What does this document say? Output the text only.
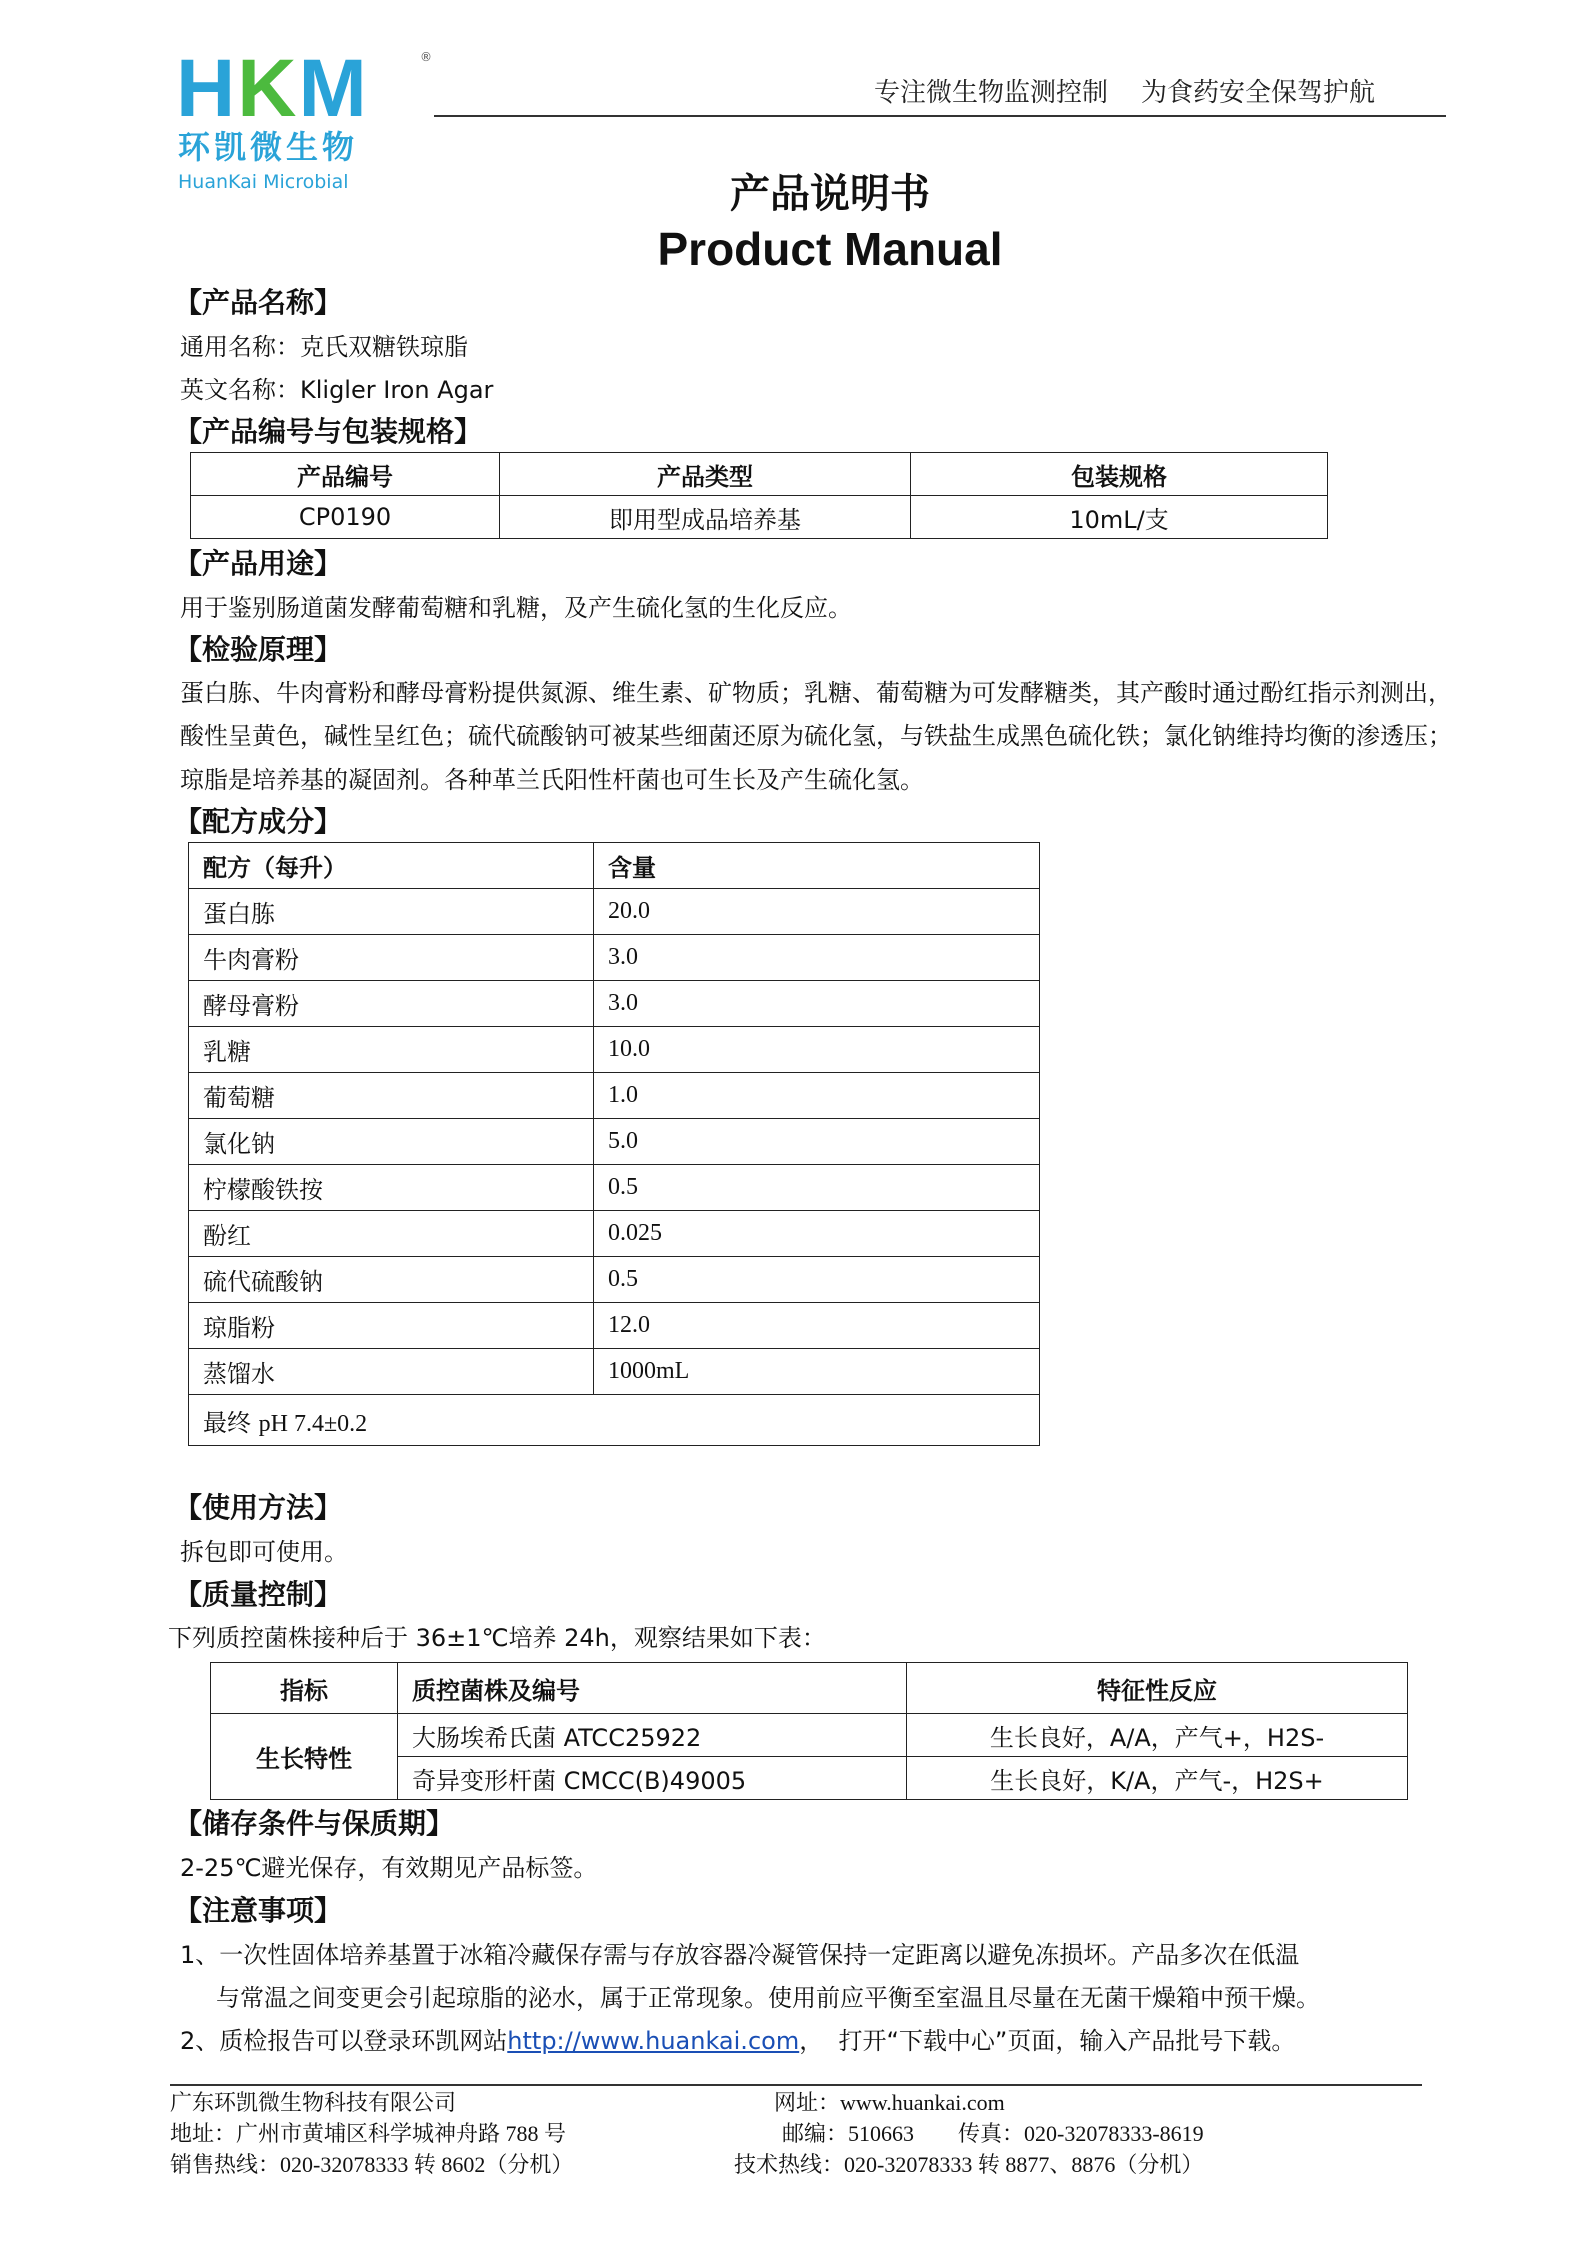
HKM	®
环凯微生物
HuanKai Microbial
专注微生物监测控制    为食药安全保驾护航
产品说明书
Product Manual
【产品名称】
通用名称：克氏双糖铁琼脂
英文名称：Kligler Iron Agar
【产品编号与包装规格】
产品编号	产品类型	包装规格
CP0190	即用型成品培养基	10mL/支
【产品用途】
用于鉴别肠道菌发酵葡萄糖和乳糖，及产生硫化氢的生化反应。
【检验原理】
蛋白胨、牛肉膏粉和酵母膏粉提供氮源、维生素、矿物质；乳糖、葡萄糖为可发酵糖类，其产酸时通过酚红指示剂测出，
酸性呈黄色，碱性呈红色；硫代硫酸钠可被某些细菌还原为硫化氢，与铁盐生成黑色硫化铁；氯化钠维持均衡的渗透压；
琼脂是培养基的凝固剂。各种革兰氏阳性杆菌也可生长及产生硫化氢。
【配方成分】
配方（每升）	含量
蛋白胨	20.0
牛肉膏粉	3.0
酵母膏粉	3.0
乳糖	10.0
葡萄糖	1.0
氯化钠	5.0
柠檬酸铁按	0.5
酚红	0.025
硫代硫酸钠	0.5
琼脂粉	12.0
蒸馏水	1000mL
最终 pH 7.4±0.2	
【使用方法】
拆包即可使用。
【质量控制】
下列质控菌株接种后于 36±1℃培养 24h，观察结果如下表：
指标	质控菌株及编号	特征性反应
生长特性	大肠埃希氏菌 ATCC25922	生长良好，A/A，产气+，H2S-
	奇异变形杆菌 CMCC(B)49005	生长良好，K/A，产气-，H2S+
【储存条件与保质期】
2-25℃避光保存，有效期见产品标签。
【注意事项】
1、一次性固体培养基置于冰箱冷藏保存需与存放容器冷凝管保持一定距离以避免冻损坏。产品多次在低温
与常温之间变更会引起琼脂的泌水，属于正常现象。使用前应平衡至室温且尽量在无菌干燥箱中预干燥。
2、质检报告可以登录环凯网站http://www.huankai.com，  打开“下载中心”页面，输入产品批号下载。
广东环凯微生物科技有限公司	网址：www.huankai.com
地址：广州市黄埔区科学城神舟路 788 号	邮编：510663 传真：020-32078333-8619
销售热线：020-32078333 转 8602（分机）	技术热线：020-32078333 转 8877、8876（分机）
